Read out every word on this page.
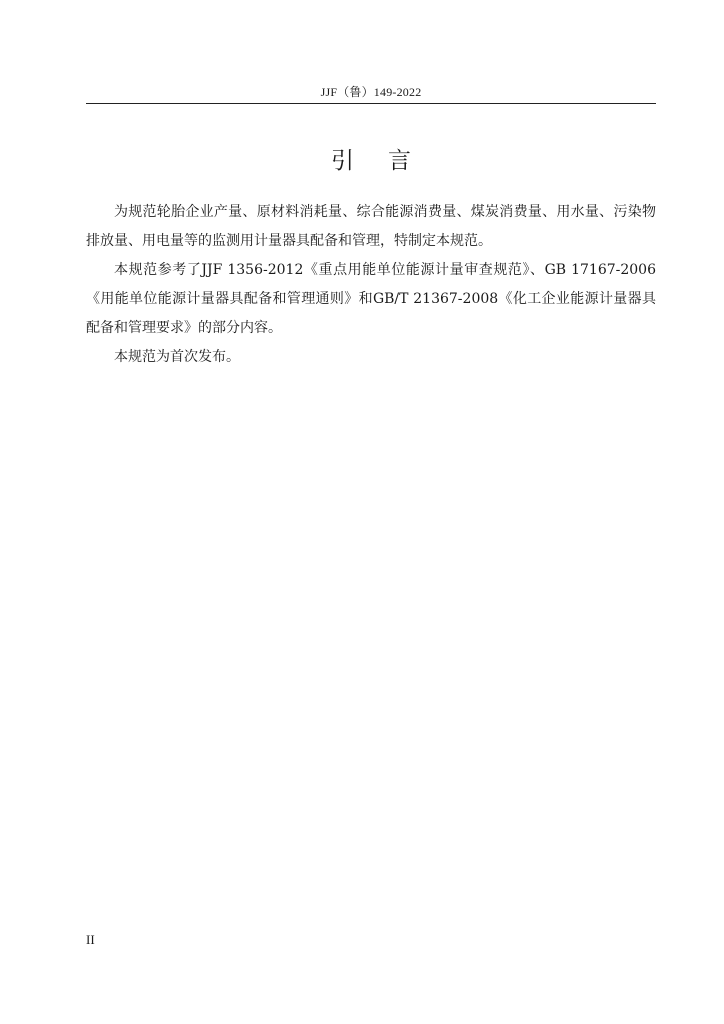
JJF（鲁）149-2022
引言

为规范轮胎企业产量、原材料消耗量、综合能源消费量、煤炭消费量、用水量、污染物排放量、用电量等的监测用计量器具配备和管理，特制定本规范。

本规范参考了JJF 1356-2012《重点用能单位能源计量审查规范》、GB 17167-2006《用能单位能源计量器具配备和管理通则》和GB/T 21367-2008《化工企业能源计量器具配备和管理要求》的部分内容。

本规范为首次发布。

II
